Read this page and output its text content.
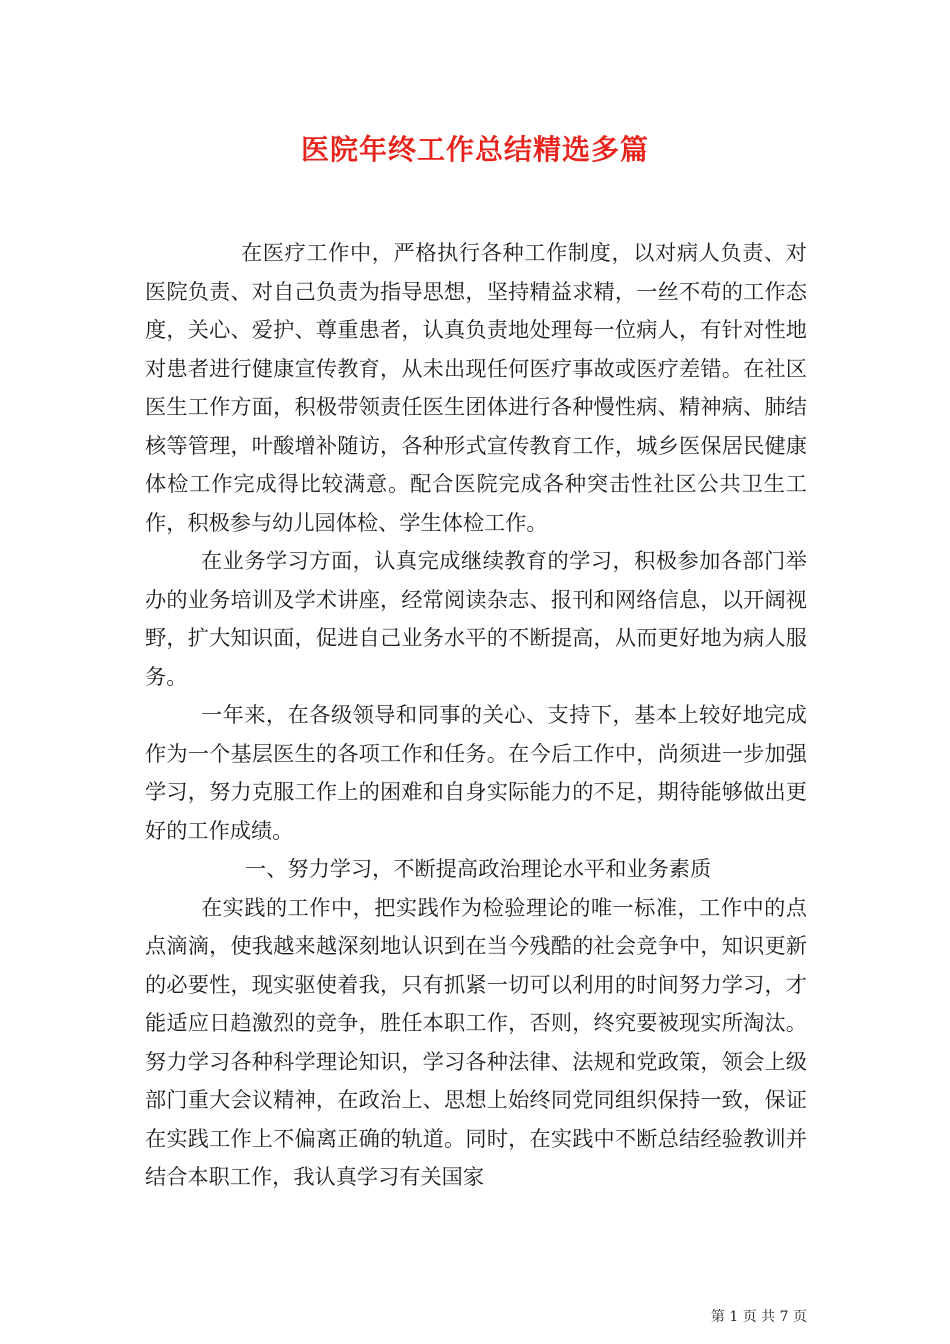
医院年终工作总结精选多篇

在医疗工作中，严格执行各种工作制度，以对病人负责、对医院负责、对自己负责为指导思想，坚持精益求精，一丝不苟的工作态度，关心、爱护、尊重患者，认真负责地处理每一位病人，有针对性地对患者进行健康宣传教育，从未出现任何医疗事故或医疗差错。在社区医生工作方面，积极带领责任医生团体进行各种慢性病、精神病、肺结核等管理，叶酸增补随访，各种形式宣传教育工作，城乡医保居民健康体检工作完成得比较满意。配合医院完成各种突击性社区公共卫生工作，积极参与幼儿园体检、学生体检工作。

在业务学习方面，认真完成继续教育的学习，积极参加各部门举办的业务培训及学术讲座，经常阅读杂志、报刊和网络信息，以开阔视野，扩大知识面，促进自己业务水平的不断提高，从而更好地为病人服务。

一年来，在各级领导和同事的关心、支持下，基本上较好地完成作为一个基层医生的各项工作和任务。在今后工作中，尚须进一步加强学习，努力克服工作上的困难和自身实际能力的不足，期待能够做出更好的工作成绩。

一、努力学习，不断提高政治理论水平和业务素质

在实践的工作中，把实践作为检验理论的唯一标准，工作中的点点滴滴，使我越来越深刻地认识到在当今残酷的社会竞争中，知识更新的必要性，现实驱使着我，只有抓紧一切可以利用的时间努力学习，才能适应日趋激烈的竞争，胜任本职工作，否则，终究要被现实所淘汰。努力学习各种科学理论知识，学习各种法律、法规和党政策，领会上级部门重大会议精神，在政治上、思想上始终同党同组织保持一致，保证在实践工作上不偏离正确的轨道。同时，在实践中不断总结经验教训并结合本职工作，我认真学习有关国家

第 1 页 共 7 页
